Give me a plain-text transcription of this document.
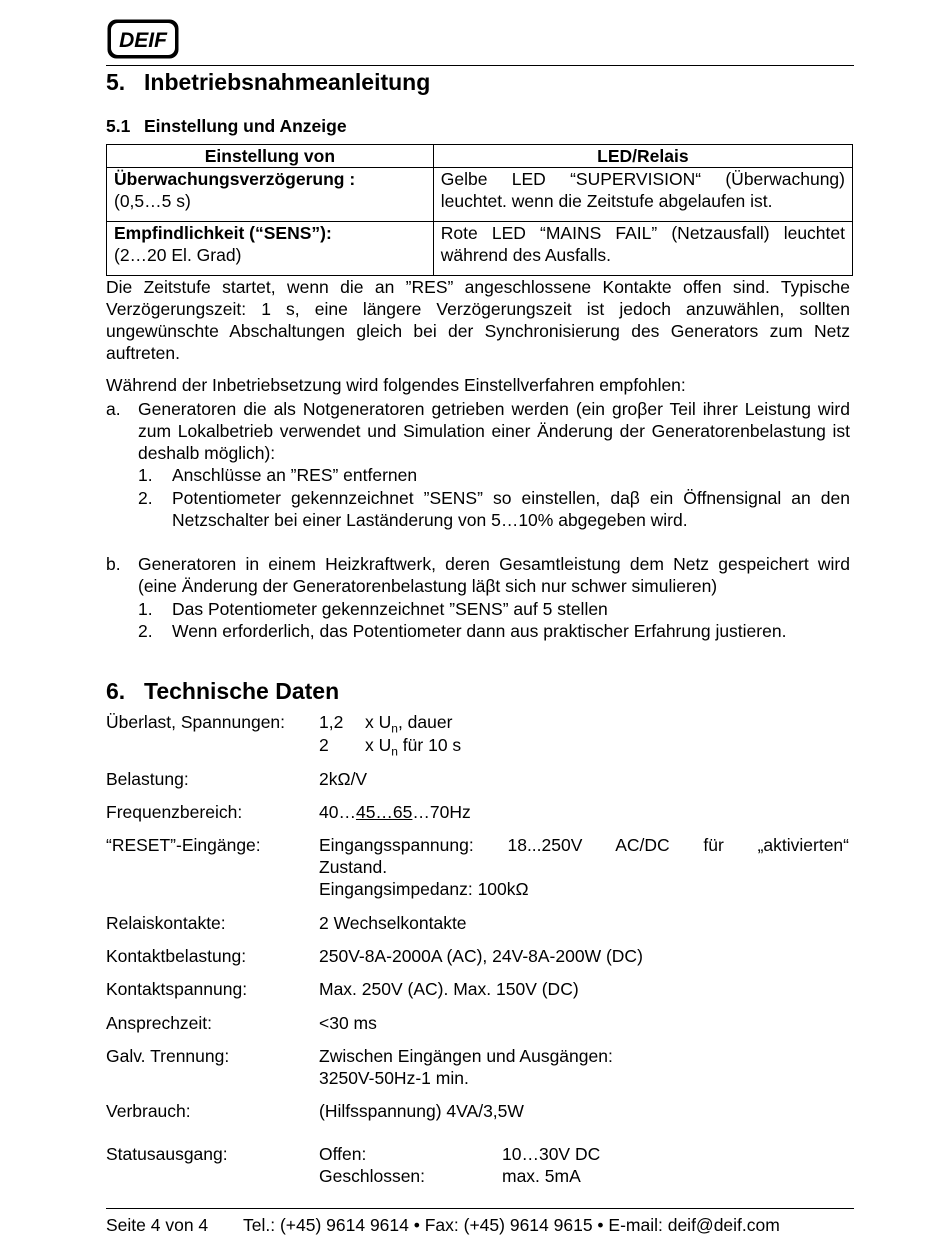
DEIF
5. Inbetriebsnahmeanleitung
5.1 Einstellung und Anzeige
Einstellung von	LED/Relais
Überwachungsverzögerung :
(0,5…5 s)	Gelbe LED “SUPERVISION“ (Überwachung) leuchtet. wenn die Zeitstufe abgelaufen ist.
Empfindlichkeit (“SENS”):
(2…20 El. Grad)	Rote LED “MAINS FAIL” (Netzausfall) leuchtet während des Ausfalls.
Die Zeitstufe startet, wenn die an ”RES” angeschlossene Kontakte offen sind. Typische Verzögerungszeit: 1 s, eine längere Verzögerungszeit ist jedoch anzuwählen, sollten ungewünschte Abschaltungen gleich bei der Synchronisierung des Generators zum Netz auftreten.
Während der Inbetriebsetzung wird folgendes Einstellverfahren empfohlen:
a. Generatoren die als Notgeneratoren getrieben werden (ein groβer Teil ihrer Leistung wird zum Lokalbetrieb verwendet und Simulation einer Änderung der Generatorenbelastung ist deshalb möglich):
1. Anschlüsse an ”RES” entfernen
2. Potentiometer gekennzeichnet ”SENS” so einstellen, daβ ein Öffnensignal an den Netzschalter bei einer Laständerung von 5…10% abgegeben wird.
b. Generatoren in einem Heizkraftwerk, deren Gesamtleistung dem Netz gespeichert wird (eine Änderung der Generatorenbelastung läβt sich nur schwer simulieren)
1. Das Potentiometer gekennzeichnet ”SENS” auf 5 stellen
2. Wenn erforderlich, das Potentiometer dann aus praktischer Erfahrung justieren.
6. Technische Daten
Überlast, Spannungen: 1,2 x $U_n$, dauer
2 x $U_n$ für 10 s
Belastung:	2kΩ/V
Frequenzbereich:	40…45…65…70Hz
“RESET”-Eingänge:	Eingangsspannung: 18...250V AC/DC für „aktivierten“
Zustand.
Eingangsimpedanz: 100kΩ
Relaiskontakte:	2 Wechselkontakte
Kontaktbelastung:	250V-8A-2000A (AC), 24V-8A-200W (DC)
Kontaktspannung:	Max. 250V (AC). Max. 150V (DC)
Ansprechzeit:	<30 ms
Galv. Trennung:	Zwischen Eingängen und Ausgängen:
3250V-50Hz-1 min.
Verbrauch:	(Hilfsspannung) 4VA/3,5W
Statusausgang:	Offen:	10…30V DC
Geschlossen:	max. 5mA
Seite 4 von 4 Tel.: (+45) 9614 9614 • Fax: (+45) 9614 9615 • E-mail: deif@deif.com
